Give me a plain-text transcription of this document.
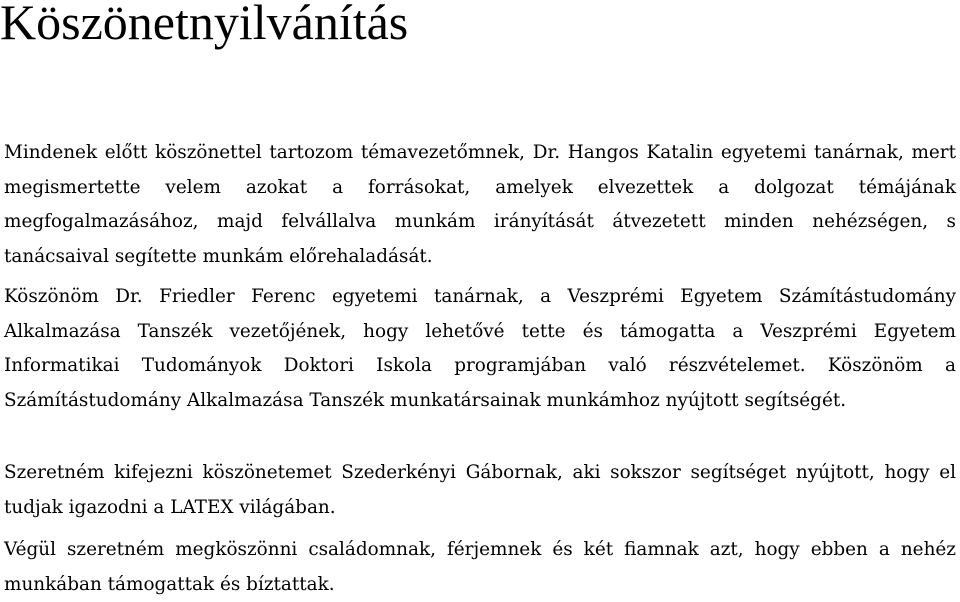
Köszönetnyilvánítás

Mindenek előtt köszönettel tartozom témavezetőmnek, Dr. Hangos Katalin egyetemi tanárnak, mert megismertette velem azokat a forrásokat, amelyek elvezettek a dolgozat témájának megfogalmazásához, majd felvállalva munkám irányítását átvezetett minden nehézségen, s tanácsaival segítette munkám előrehaladását.

Köszönöm Dr. Friedler Ferenc egyetemi tanárnak, a Veszprémi Egyetem Számítástudomány Alkalmazása Tanszék vezetőjének, hogy lehetővé tette és támogatta a Veszprémi Egyetem Informatikai Tudományok Doktori Iskola programjában való részvételemet. Köszönöm a Számítástudomány Alkalmazása Tanszék munkatársainak munkámhoz nyújtott segítségét.

Szeretném kifejezni köszönetemet Szederkényi Gábornak, aki sokszor segítséget nyújtott, hogy el tudjak igazodni a LATEX világában.

Végül szeretném megköszönni családomnak, férjemnek és két fiamnak azt, hogy ebben a nehéz munkában támogattak és bíztattak.
